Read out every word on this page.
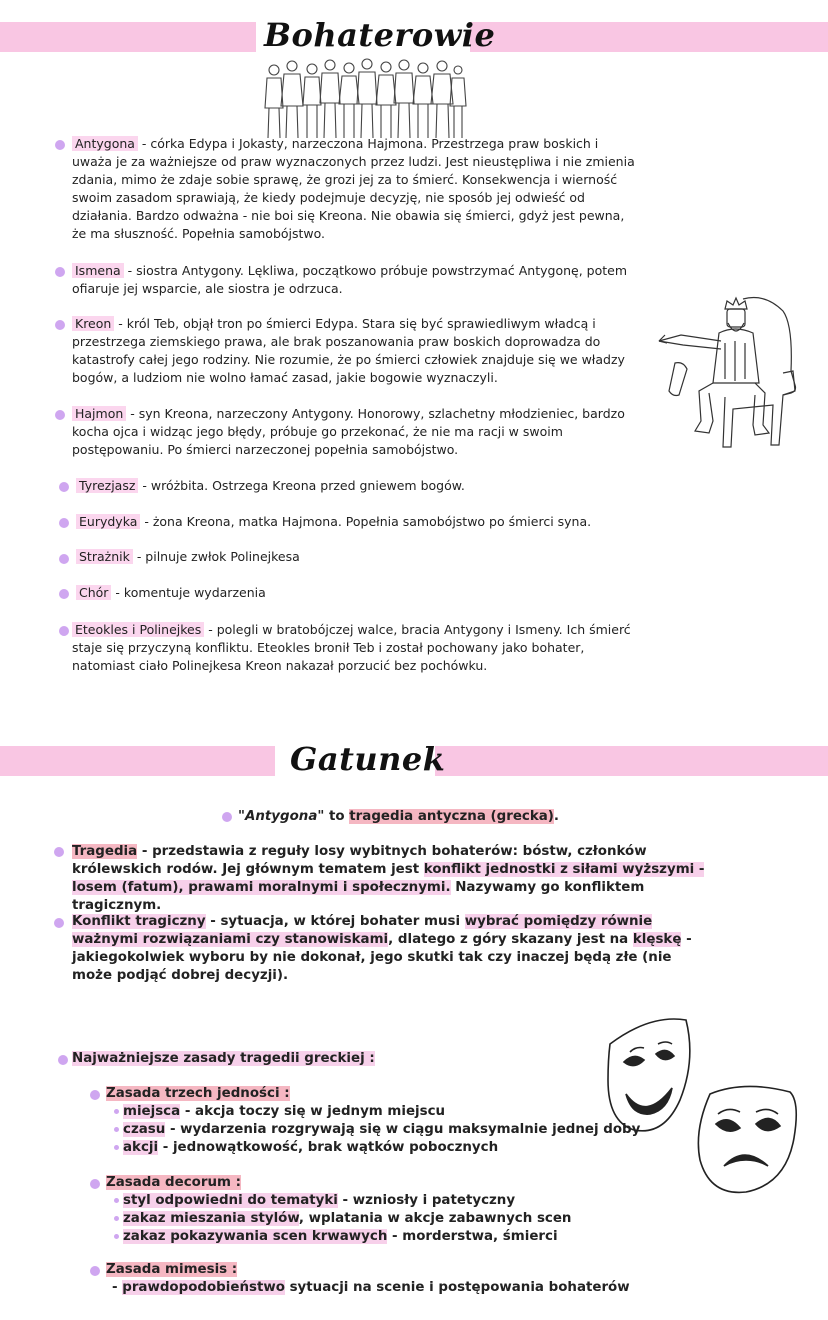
Bohaterowie
Antygona - córka Edypa i Jokasty, narzeczona Hajmona. Przestrzega praw boskich i uważa je za ważniejsze od praw wyznaczonych przez ludzi. Jest nieustępliwa i nie zmienia zdania, mimo że zdaje sobie sprawę, że grozi jej za to śmierć. Konsekwencja i wierność swoim zasadom sprawiają, że kiedy podejmuje decyzję, nie sposób jej odwieść od działania. Bardzo odważna - nie boi się Kreona. Nie obawia się śmierci, gdyż jest pewna, że ma słuszność. Popełnia samobójstwo.
Ismena - siostra Antygony. Lękliwa, początkowo próbuje powstrzymać Antygonę, potem ofiaruje jej wsparcie, ale siostra je odrzuca.
Kreon - król Teb, objął tron po śmierci Edypa. Stara się być sprawiedliwym władcą i przestrzega ziemskiego prawa, ale brak poszanowania praw boskich doprowadza do katastrofy całej jego rodziny. Nie rozumie, że po śmierci człowiek znajduje się we władzy bogów, a ludziom nie wolno łamać zasad, jakie bogowie wyznaczyli.
Hajmon - syn Kreona, narzeczony Antygony. Honorowy, szlachetny młodzieniec, bardzo kocha ojca i widząc jego błędy, próbuje go przekonać, że nie ma racji w swoim postępowaniu. Po śmierci narzeczonej popełnia samobójstwo.
Tyrezjasz - wróżbita. Ostrzega Kreona przed gniewem bogów.
Eurydyka - żona Kreona, matka Hajmona. Popełnia samobójstwo po śmierci syna.
Strażnik - pilnuje zwłok Polinejkesa
Chór - komentuje wydarzenia
Eteokles i Polinejkes - polegli w bratobójczej walce, bracia Antygony i Ismeny. Ich śmierć staje się przyczyną konfliktu. Eteokles bronił Teb i został pochowany jako bohater, natomiast ciało Polinejkesa Kreon nakazał porzucić bez pochówku.
Gatunek
"Antygona" to tragedia antyczna (grecka).
Tragedia - przedstawia z reguły losy wybitnych bohaterów: bóstw, członków królewskich rodów. Jej głównym tematem jest konflikt jednostki z siłami wyższymi - losem (fatum), prawami moralnymi i społecznymi. Nazywamy go konfliktem tragicznym.
Konflikt tragiczny - sytuacja, w której bohater musi wybrać pomiędzy równie ważnymi rozwiązaniami czy stanowiskami, dlatego z góry skazany jest na klęskę - jakiegokolwiek wyboru by nie dokonał, jego skutki tak czy inaczej będą złe (nie może podjąć dobrej decyzji).
Najważniejsze zasady tragedii greckiej :
Zasada trzech jedności :
miejsca - akcja toczy się w jednym miejscu
czasu - wydarzenia rozgrywają się w ciągu maksymalnie jednej doby
akcji - jednowątkowość, brak wątków pobocznych
Zasada decorum :
styl odpowiedni do tematyki - wzniosły i patetyczny
zakaz mieszania stylów, wplatania w akcje zabawnych scen
zakaz pokazywania scen krwawych - morderstwa, śmierci
Zasada mimesis :
- prawdopodobieństwo sytuacji na scenie i postępowania bohaterów
